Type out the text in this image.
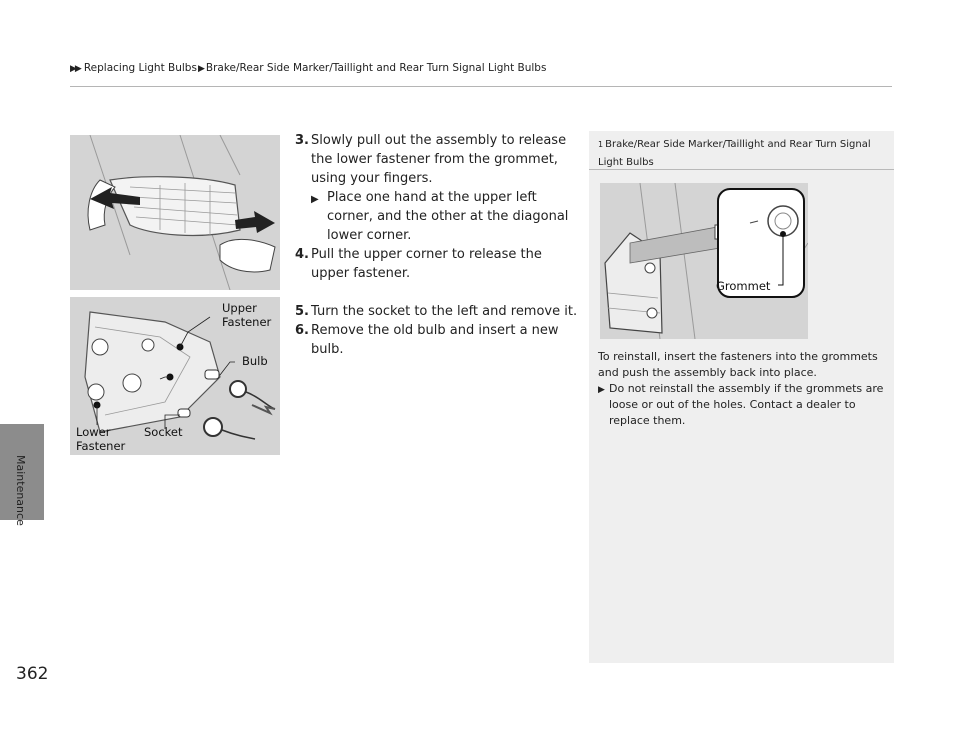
▶▶ Replacing Light Bulbs▶Brake/Rear Side Marker/Taillight and Rear Turn Signal Light Bulbs
Maintenance
362
Upper
Fastener
Bulb
Lower
Fastener
Socket
3. Slowly pull out the assembly to release the lower fastener from the grommet, using your fingers.
▶ Place one hand at the upper left corner, and the other at the diagonal lower corner.
4. Pull the upper corner to release the upper fastener.
5. Turn the socket to the left and remove it.
6. Remove the old bulb and insert a new bulb.
1 Brake/Rear Side Marker/Taillight and Rear Turn Signal Light Bulbs
To reinstall, insert the fasteners into the grommets and push the assembly back into place.
▶ Do not reinstall the assembly if the grommets are loose or out of the holes. Contact a dealer to replace them.
Grommet
